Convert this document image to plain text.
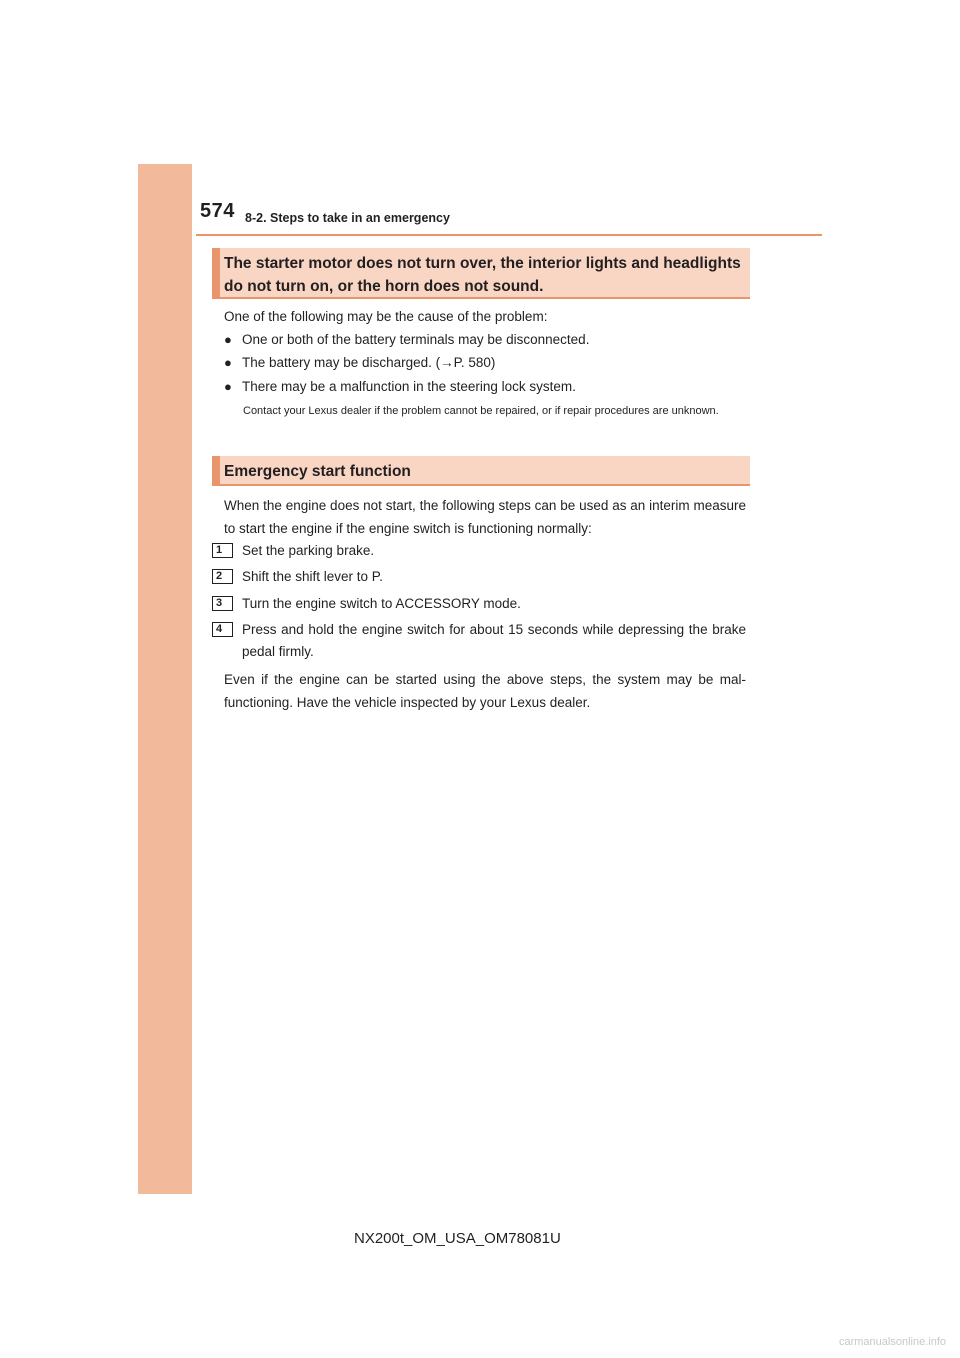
574 8-2. Steps to take in an emergency
The starter motor does not turn over, the interior lights and headlights do not turn on, or the horn does not sound.
One of the following may be the cause of the problem:
● One or both of the battery terminals may be disconnected.
● The battery may be discharged. (→P. 580)
● There may be a malfunction in the steering lock system.
Contact your Lexus dealer if the problem cannot be repaired, or if repair procedures are unknown.
Emergency start function
When the engine does not start, the following steps can be used as an interim measure to start the engine if the engine switch is functioning normally:
1	Set the parking brake.
2	Shift the shift lever to P.
3	Turn the engine switch to ACCESSORY mode.
4	Press and hold the engine switch for about 15 seconds while depressing the brake pedal firmly.
Even if the engine can be started using the above steps, the system may be mal-functioning. Have the vehicle inspected by your Lexus dealer.
NX200t_OM_USA_OM78081U
carmanualsonline.info
